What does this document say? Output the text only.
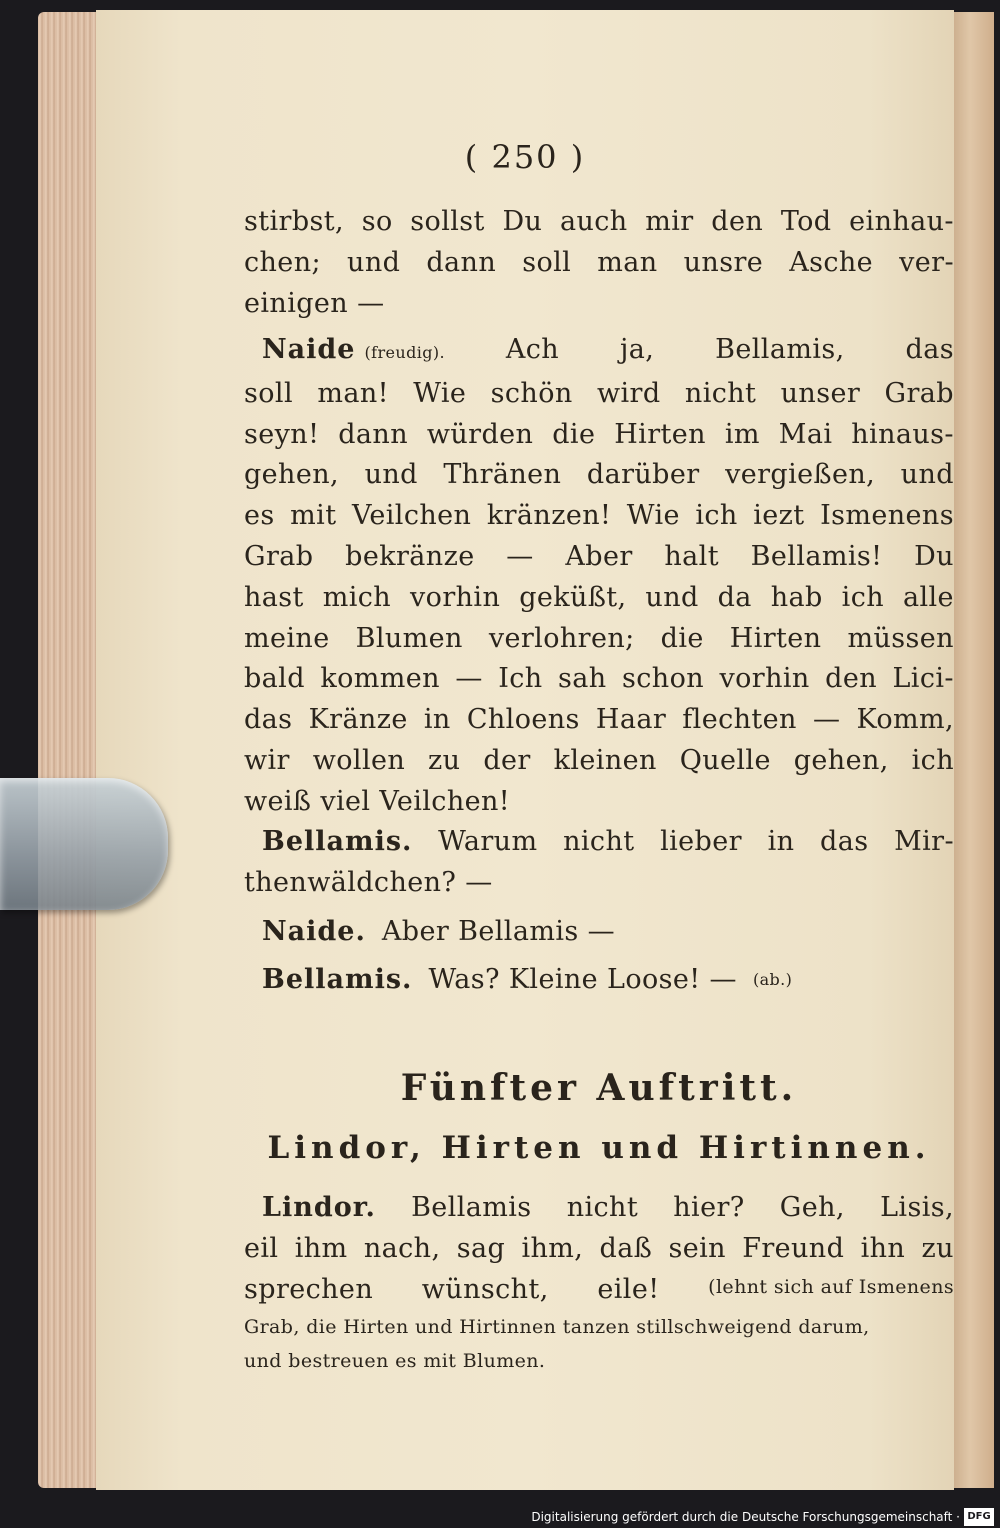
( 250 )
stirbst, so sollst Du auch mir den Tod einhau-
chen; und dann soll man unsre Asche ver-
einigen —
Naide (freudig). Ach ja, Bellamis, das
soll man! Wie schön wird nicht unser Grab
seyn! dann würden die Hirten im Mai hinaus-
gehen, und Thränen darüber vergießen, und
es mit Veilchen kränzen! Wie ich iezt Ismenens
Grab bekränze — Aber halt Bellamis! Du
hast mich vorhin geküßt, und da hab ich alle
meine Blumen verlohren; die Hirten müssen
bald kommen — Ich sah schon vorhin den Lici-
das Kränze in Chloens Haar flechten — Komm,
wir wollen zu der kleinen Quelle gehen, ich
weiß viel Veilchen!
Bellamis. Warum nicht lieber in das Mir-
thenwäldchen? —
Naide. Aber Bellamis —
Bellamis. Was? Kleine Loose! — (ab.)
Fünfter Auftritt.
Lindor, Hirten und Hirtinnen.
Lindor. Bellamis nicht hier? Geh, Lisis,
eil ihm nach, sag ihm, daß sein Freund ihn zu
sprechen wünscht, eile!	(lehnt sich auf Ismenens
Grab, die Hirten und Hirtinnen tanzen stillschweigend darum,
und bestreuen es mit Blumen.
Digitalisierung gefördert durch die Deutsche Forschungsgemeinschaft · DFG
